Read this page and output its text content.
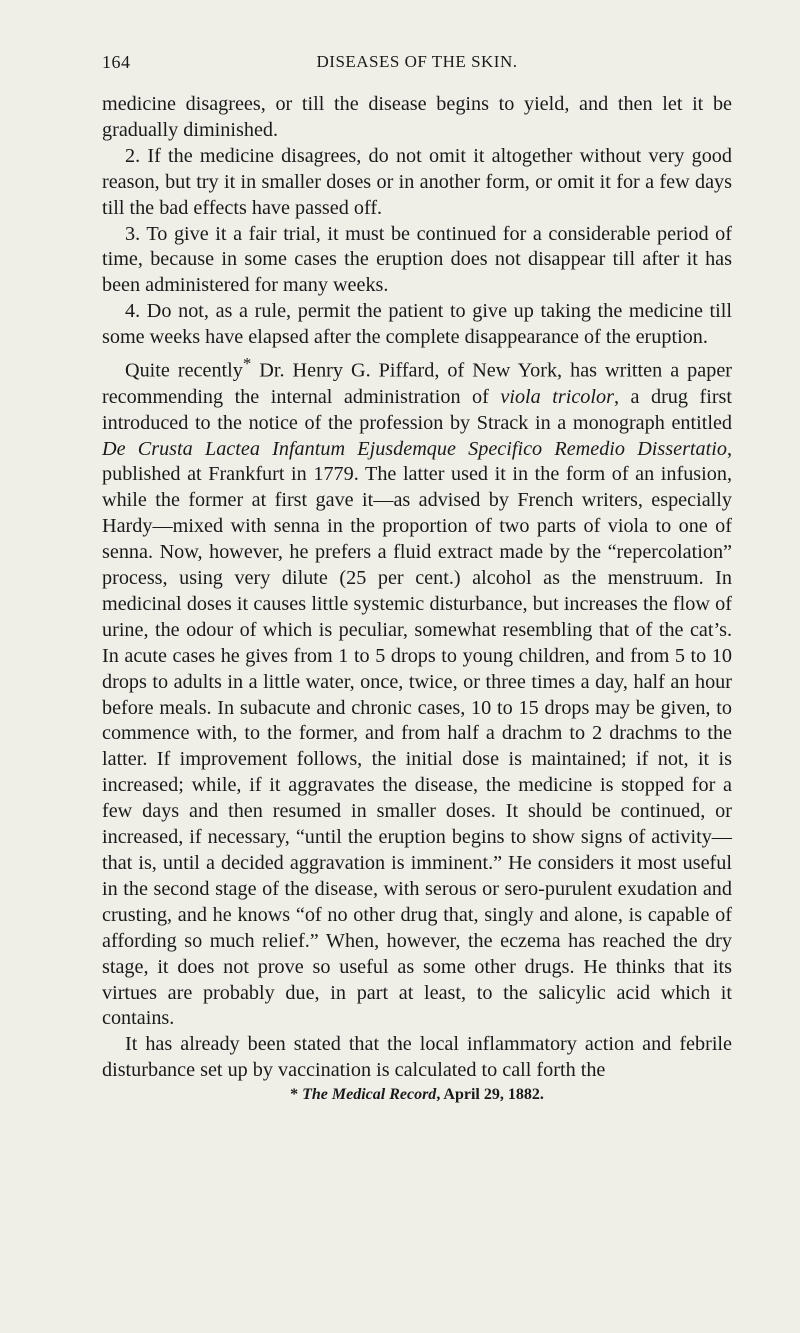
164	DISEASES OF THE SKIN.

medicine disagrees, or till the disease begins to yield, and then let it be gradually diminished.

2. If the medicine disagrees, do not omit it altogether without very good reason, but try it in smaller doses or in another form, or omit it for a few days till the bad effects have passed off.

3. To give it a fair trial, it must be continued for a considerable period of time, because in some cases the eruption does not disappear till after it has been administered for many weeks.

4. Do not, as a rule, permit the patient to give up taking the medicine till some weeks have elapsed after the complete disappearance of the eruption.

Quite recently* Dr. Henry G. Piffard, of New York, has written a paper recommending the internal administration of viola tricolor, a drug first introduced to the notice of the profession by Strack in a monograph entitled De Crusta Lactea Infantum Ejusdemque Specifico Remedio Dissertatio, published at Frankfurt in 1779. The latter used it in the form of an infusion, while the former at first gave it—as advised by French writers, especially Hardy—mixed with senna in the proportion of two parts of viola to one of senna. Now, however, he prefers a fluid extract made by the “repercolation” process, using very dilute (25 per cent.) alcohol as the menstruum. In medicinal doses it causes little systemic disturbance, but increases the flow of urine, the odour of which is peculiar, somewhat resembling that of the cat’s. In acute cases he gives from 1 to 5 drops to young children, and from 5 to 10 drops to adults in a little water, once, twice, or three times a day, half an hour before meals. In subacute and chronic cases, 10 to 15 drops may be given, to commence with, to the former, and from half a drachm to 2 drachms to the latter. If improvement follows, the initial dose is maintained; if not, it is increased; while, if it aggravates the disease, the medicine is stopped for a few days and then resumed in smaller doses. It should be continued, or increased, if necessary, “until the eruption begins to show signs of activity—that is, until a decided aggravation is imminent.” He considers it most useful in the second stage of the disease, with serous or sero-purulent exudation and crusting, and he knows “of no other drug that, singly and alone, is capable of affording so much relief.” When, however, the eczema has reached the dry stage, it does not prove so useful as some other drugs. He thinks that its virtues are probably due, in part at least, to the salicylic acid which it contains.

It has already been stated that the local inflammatory action and febrile disturbance set up by vaccination is calculated to call forth the

* The Medical Record, April 29, 1882.
